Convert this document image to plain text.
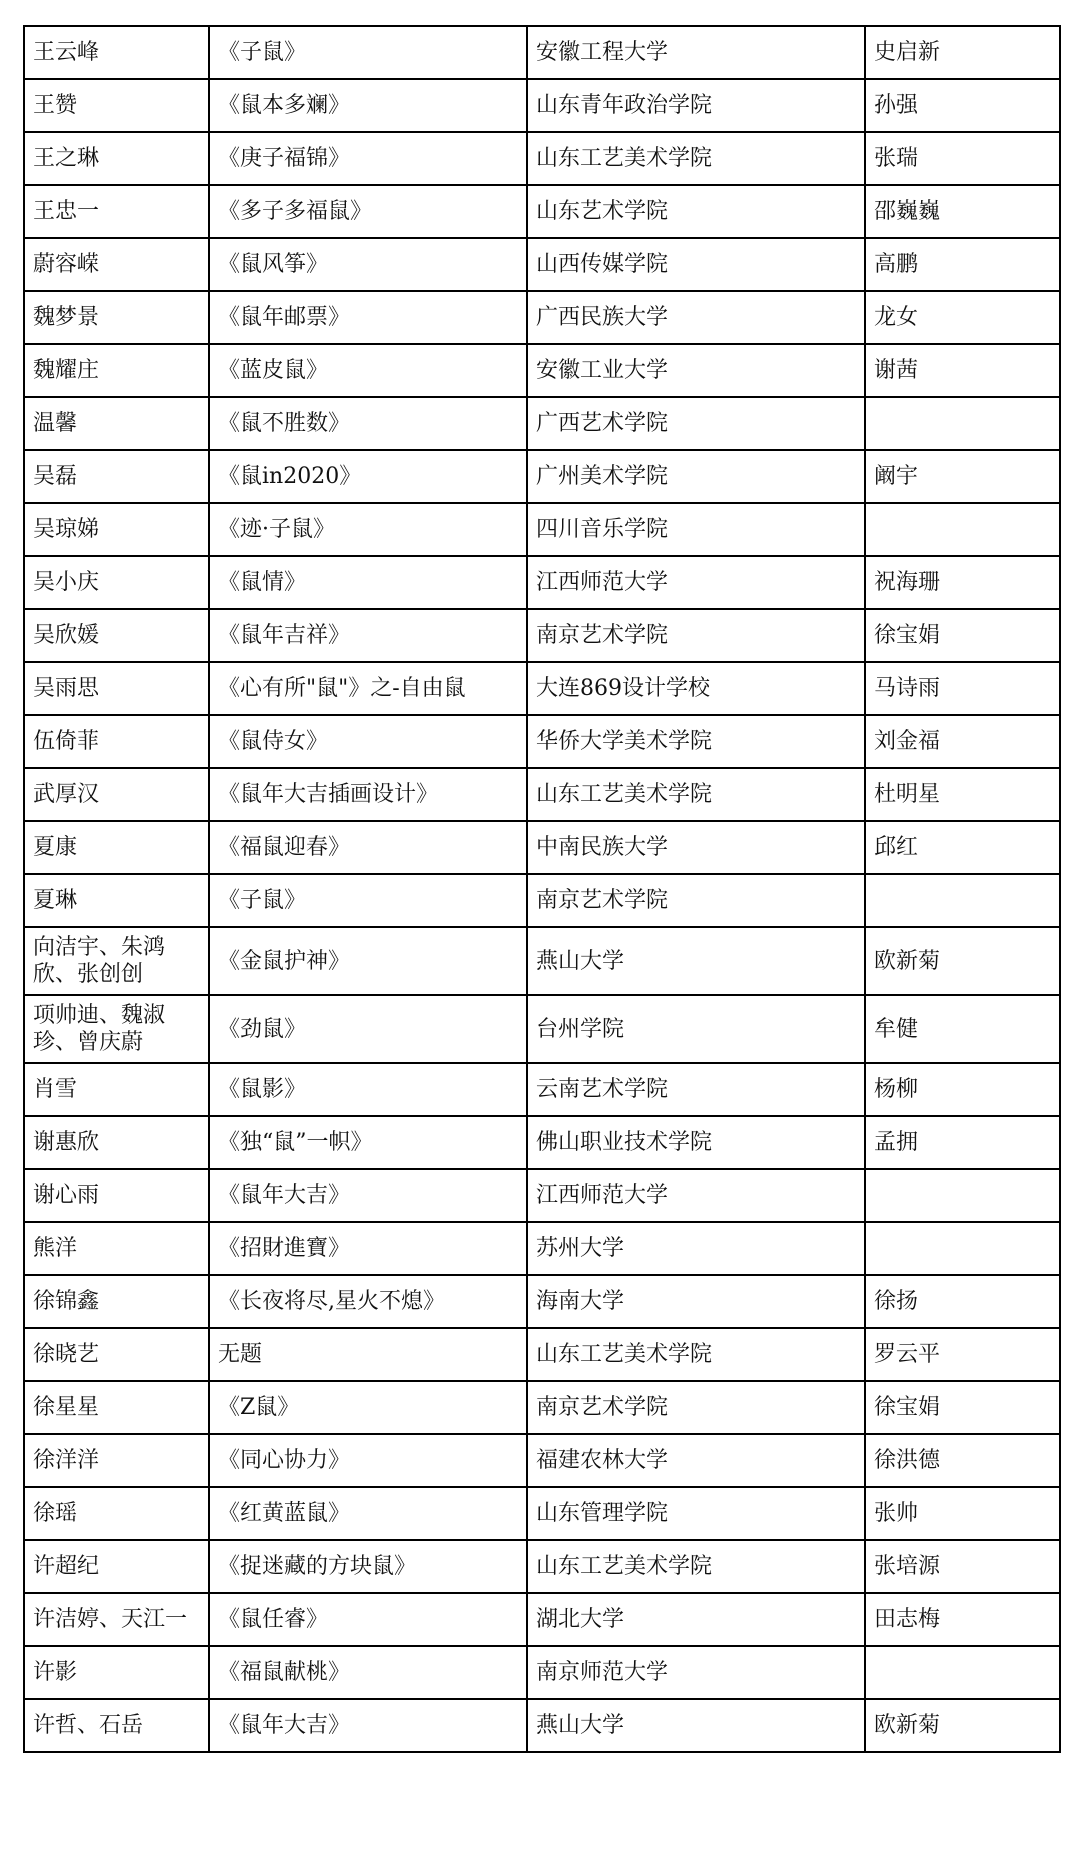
王云峰	《子鼠》	安徽工程大学	史启新
王赞	《鼠本多斓》	山东青年政治学院	孙强
王之琳	《庚子福锦》	山东工艺美术学院	张瑞
王忠一	《多子多福鼠》	山东艺术学院	邵巍巍
蔚容嵘	《鼠风筝》	山西传媒学院	高鹏
魏梦景	《鼠年邮票》	广西民族大学	龙女
魏耀庄	《蓝皮鼠》	安徽工业大学	谢茜
温馨	《鼠不胜数》	广西艺术学院	
吴磊	《鼠in2020》	广州美术学院	阚宇
吴琼娣	《迹·子鼠》	四川音乐学院	
吴小庆	《鼠情》	江西师范大学	祝海珊
吴欣媛	《鼠年吉祥》	南京艺术学院	徐宝娟
吴雨思	《心有所"鼠"》之-自由鼠	大连869设计学校	马诗雨
伍倚菲	《鼠侍女》	华侨大学美术学院	刘金福
武厚汉	《鼠年大吉插画设计》	山东工艺美术学院	杜明星
夏康	《福鼠迎春》	中南民族大学	邱红
夏琳	《子鼠》	南京艺术学院	
向洁宇、朱鸿欣、张创创	《金鼠护神》	燕山大学	欧新菊
项帅迪、魏淑珍、曾庆蔚	《劲鼠》	台州学院	牟健
肖雪	《鼠影》	云南艺术学院	杨柳
谢惠欣	《独“鼠”一帜》	佛山职业技术学院	孟拥
谢心雨	《鼠年大吉》	江西师范大学	
熊洋	《招財進寶》	苏州大学	
徐锦鑫	《长夜将尽,星火不熄》	海南大学	徐扬
徐晓艺	无题	山东工艺美术学院	罗云平
徐星星	《Z鼠》	南京艺术学院	徐宝娟
徐洋洋	《同心协力》	福建农林大学	徐洪德
徐瑶	《红黄蓝鼠》	山东管理学院	张帅
许超纪	《捉迷藏的方块鼠》	山东工艺美术学院	张培源
许洁婷、天江一	《鼠任睿》	湖北大学	田志梅
许影	《福鼠献桃》	南京师范大学	
许哲、石岳	《鼠年大吉》	燕山大学	欧新菊
